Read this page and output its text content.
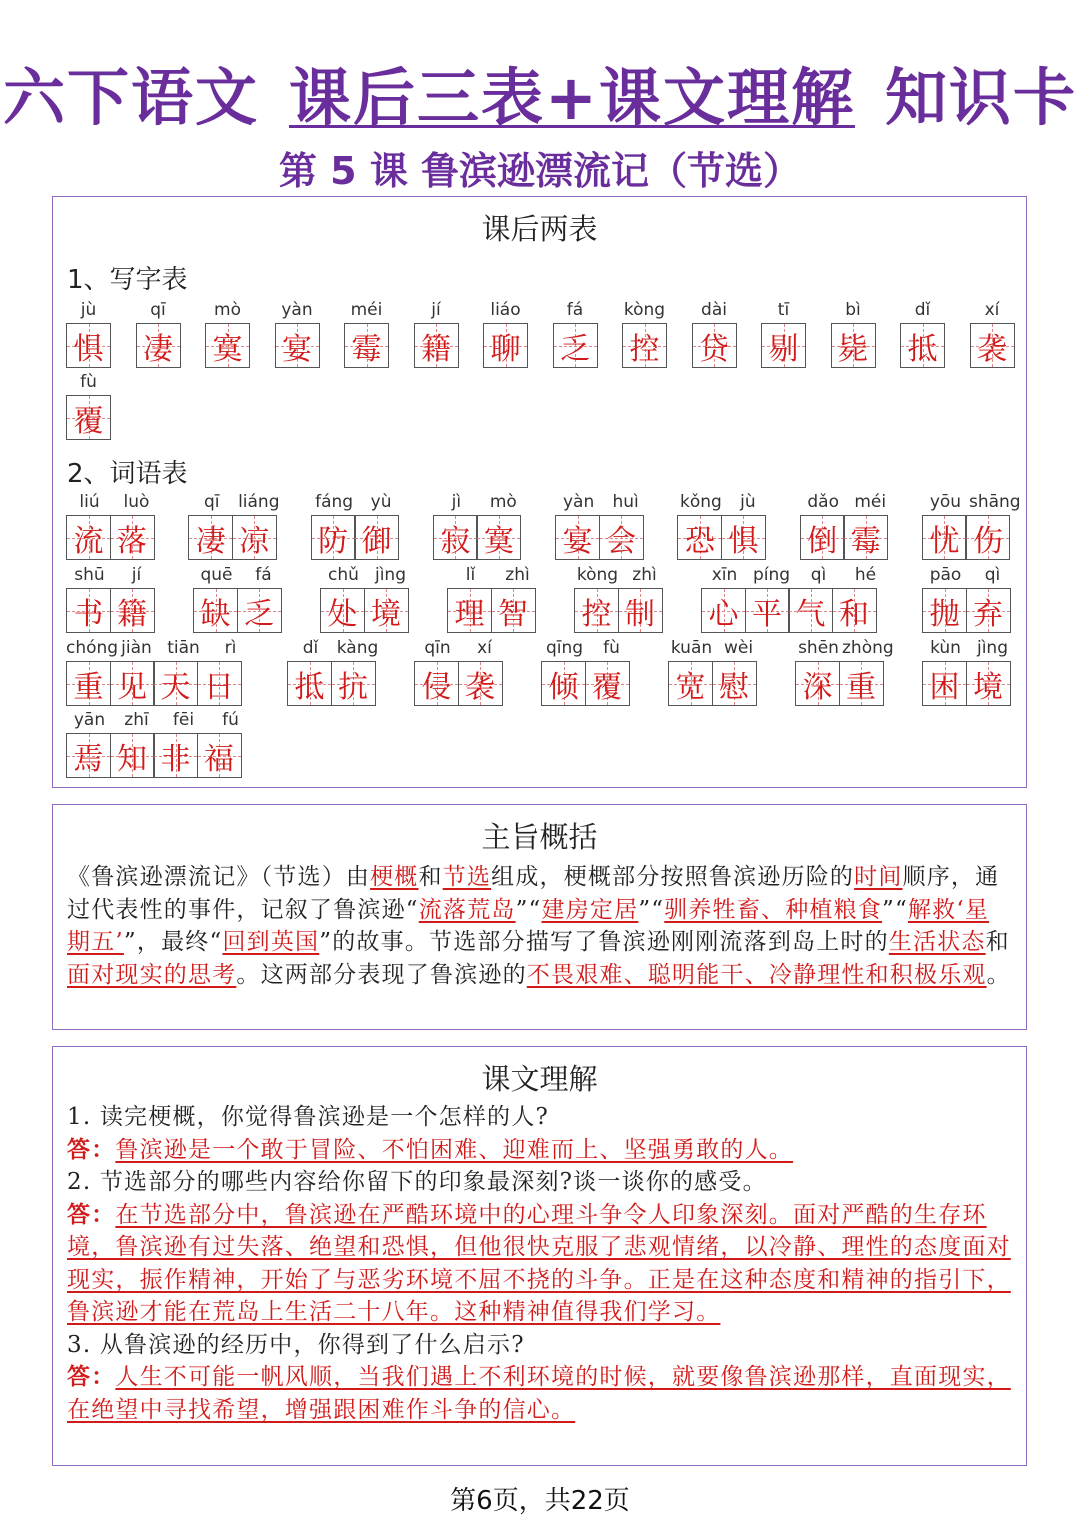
六下语文 课后三表+课文理解 知识卡
第 5 课 鲁滨逊漂流记（节选）
课后两表
1、写字表
jù
惧
qī
凄
mò
寞
yàn
宴
méi
霉
jí
籍
liáo
聊
fá
乏
kòng
控
dài
贷
tī
剔
bì
毙
dǐ
抵
xí
袭
fù
覆
2、词语表
liú	luò
流 落
qī	liáng
凄 凉
fáng	yù
防 御
jì	mò
寂 寞
yàn	huì
宴 会
kǒng	jù
恐 惧
dǎo méi
倒 霉
yōu shāng
忧 伤
shū	jí
书 籍
quē	fá
缺 乏
chǔ jìng
处 境
lǐ	zhì
理 智
kòng zhì
控 制
xīn píng	qì	hé
心 平 气 和
pāo	qì
抛 弃
chóng jiàn tiān	rì
重 见 天 日
dǐ	kàng
抵 抗
qīn	xí
侵 袭
qīng	fù
倾 覆
kuān wèi
宽 慰
shēn zhòng
深 重
kùn jìng
困 境
yān	zhī	fēi	fú
焉 知 非 福
主旨概括
《鲁滨逊漂流记》（节选）由梗概和节选组成，梗概部分按照鲁滨逊历险的时间顺序，通过代表性的事件，记叙了鲁滨逊“流落荒岛”“建房定居”“驯养牲畜、种植粮食”“解救‘星期五’”，最终“回到英国”的故事。节选部分描写了鲁滨逊刚刚流落到岛上时的生活状态和面对现实的思考。这两部分表现了鲁滨逊的不畏艰难、聪明能干、冷静理性和积极乐观。
课文理解
1. 读完梗概，你觉得鲁滨逊是一个怎样的人?
答：鲁滨逊是一个敢于冒险、不怕困难、迎难而上、坚强勇敢的人。
2. 节选部分的哪些内容给你留下的印象最深刻?谈一谈你的感受。
答：在节选部分中，鲁滨逊在严酷环境中的心理斗争令人印象深刻。面对严酷的生存环境，鲁滨逊有过失落、绝望和恐惧，但他很快克服了悲观情绪，以冷静、理性的态度面对现实，振作精神，开始了与恶劣环境不屈不挠的斗争。正是在这种态度和精神的指引下，鲁滨逊才能在荒岛上生活二十八年。这种精神值得我们学习。
3. 从鲁滨逊的经历中，你得到了什么启示?
答：人生不可能一帆风顺，当我们遇上不利环境的时候，就要像鲁滨逊那样，直面现实，在绝望中寻找希望，增强跟困难作斗争的信心。
第6页，共22页
